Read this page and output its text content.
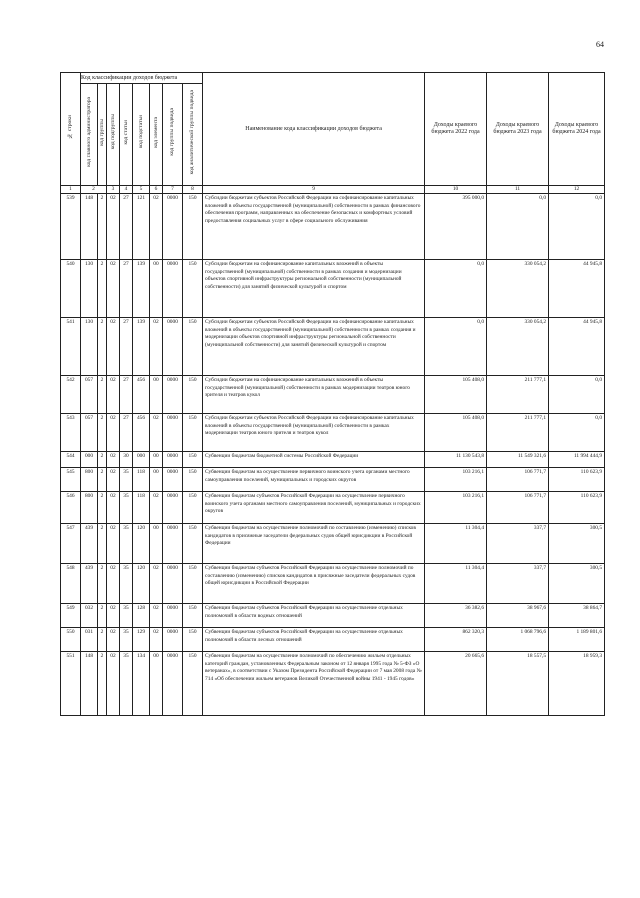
64
№ строки	Код классификации доходов бюджета								Наименование кода классификации доходов бюджета	Доходы краевого бюджета 2022 года	Доходы краевого бюджета 2023 года	Доходы краевого бюджета 2024 года
	код главного администратора	код группы	код подгруппы	код статьи	код подстатьи	код элемента	код группы подвида	код аналитической группы подвида				
1	2		3	4	5	6	7	8	9	10	11	12
539	148	2	02	27	121	02	0000	150	Субсидии бюджетам субъектов Российской Федерации на софинансирование капитальных вложений в объекты государственной (муниципальной) собственности в рамках финансового обеспечения программ, направленных на обеспечение безопасных и комфортных условий предоставления социальных услуг в сфере социального обслуживания	395 000,0	0,0	0,0
540	130	2	02	27	139	00	0000	150	Субсидии бюджетам на софинансирование капитальных вложений в объекты государственной (муниципальной) собственности в рамках создания и модернизации объектов спортивной инфраструктуры региональной собственности (муниципальной собственности) для занятий физической культурой и спортом	0,0	330 054,2	44 945,8
541	130	2	02	27	139	02	0000	150	Субсидии бюджетам субъектов Российской Федерации на софинансирование капитальных вложений в объекты государственной (муниципальной) собственности в рамках создания и модернизации объектов спортивной инфраструктуры региональной собственности (муниципальной собственности) для занятий физической культурой и спортом	0,0	330 054,2	44 945,8
542	057	2	02	27	456	00	0000	150	Субсидии бюджетам на софинансирование капитальных вложений в объекты государственной (муниципальной) собственности в рамках модернизации театров юного зрителя и театров кукол	105 408,0	211 777,1	0,0
543	057	2	02	27	456	02	0000	150	Субсидии бюджетам субъектов Российской Федерации на софинансирование капитальных вложений в объекты государственной (муниципальной) собственности в рамках модернизации театров юного зрителя и театров кукол	105 408,0	211 777,1	0,0
544	000	2	02	30	000	00	0000	150	Субвенции бюджетам бюджетной системы Российской Федерации	11 130 543,8	11 549 321,6	11 994 444,9
545	800	2	02	35	118	00	0000	150	Субвенции бюджетам на осуществление первичного воинского учета органами местного самоуправления поселений, муниципальных и городских округов	103 216,1	106 771,7	110 623,9
546	800	2	02	35	118	02	0000	150	Субвенции бюджетам субъектов Российской Федерации на осуществление первичного воинского учета органами местного самоуправления поселений, муниципальных и городских округов	103 216,1	106 771,7	110 623,9
547	439	2	02	35	120	00	0000	150	Субвенции бюджетам на осуществление полномочий по составлению (изменению) списков кандидатов в присяжные заседатели федеральных судов общей юрисдикции в Российской Федерации	11 304,4	337,7	300,5
548	439	2	02	35	120	02	0000	150	Субвенции бюджетам субъектов Российской Федерации на осуществление полномочий по составлению (изменению) списков кандидатов в присяжные заседатели федеральных судов общей юрисдикции в Российской Федерации	11 304,4	337,7	300,5
549	032	2	02	35	128	02	0000	150	Субвенции бюджетам субъектов Российской Федерации на осуществление отдельных полномочий в области водных отношений	36 382,6	38 967,6	38 864,7
550	031	2	02	35	129	02	0000	150	Субвенции бюджетам субъектов Российской Федерации на осуществление отдельных полномочий в области лесных отношений	862 320,3	1 068 796,6	1 189 801,6
551	148	2	02	35	134	00	0000	150	Субвенции бюджетам на осуществление полномочий по обеспечению жильем отдельных категорий граждан, установленных Федеральным законом от 12 января 1995 года № 5-ФЗ «О ветеранах», в соответствии с Указом Президента Российской Федерации от 7 мая 2008 года № 714 «Об обеспечении жильем ветеранов Великой Отечественной войны 1941 - 1945 годов»	20 665,6	18 557,5	18 959,3
